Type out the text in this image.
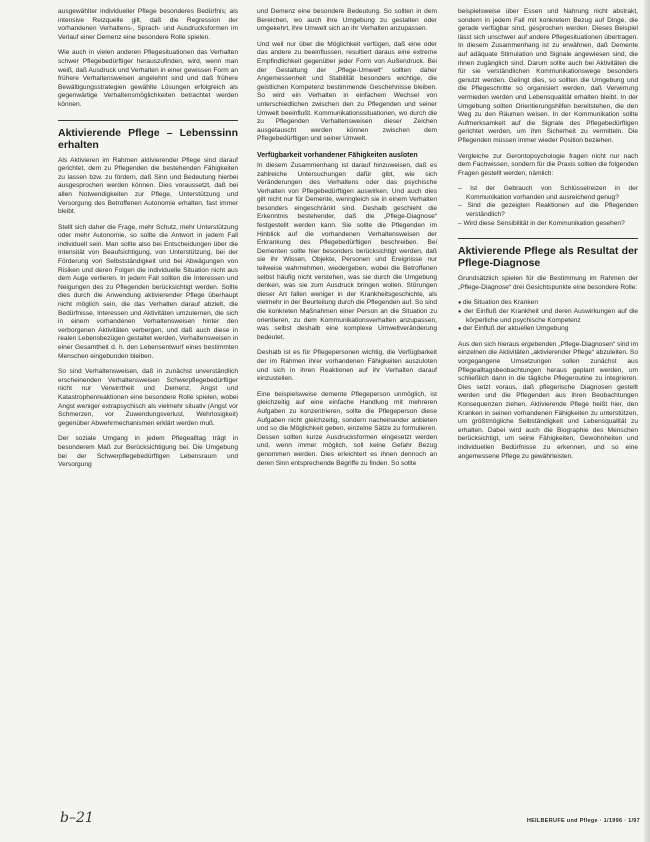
ausgewählter individueller Pflege besonderes Bedürfnis; als intensive Reizquelle gilt, daß die Regression der vorhandenen Verhaltens-, Sprach- und Ausdrucksformen im Verlauf einer Demenz eine besondere Rolle spielen.

Wie auch in vielen anderen Pflegesituationen das Verhalten schwer Pflegebedürftiger herauszufinden, wird, wenn man weiß, daß Ausdruck und Verhalten in einer gewissen Form an frühere Verhaltensweisen angelehnt sind und daß frühere Bewältigungsstrategien gewählte Lösungen erfolgreich als gegenwärtige Verhaltensmöglichkeiten betrachtet werden können.

Aktivierende Pflege – Lebenssinn erhalten

Als Aktivieren im Rahmen aktivierender Pflege sind darauf gerichtet, dem zu Pflegenden die bestehenden Fähigkeiten zu lassen bzw. zu fördern, daß Sinn und Bedeutung hierbei ausgesprochen werden können. Dies voraussetzt, daß bei allen Notwendigkeiten zur Pflege, Unterstützung und Versorgung des Betroffenen Autonomie erhalten, fast immer bleibt.

Stellt sich daher die Frage, mehr Schutz, mehr Unterstützung oder mehr Autonomie, so sollte die Antwort in jedem Fall individuell sein. Man sollte also bei Entscheidungen über die Intensität von Beaufsichtigung, von Unterstützung, bei der Förderung von Selbstständigkeit und bei Abwägungen von Risiken und deren Folgen die individuelle Situation nicht aus dem Auge verlieren. In jedem Fall sollten die Interessen und Neigungen des zu Pflegenden berücksichtigt werden. Sollte dies durch die Anwendung aktivierender Pflege überhaupt nicht möglich sein, die das Verhalten darauf abzielt, die Bedürfnisse, Interessen und Aktivitäten umzulernen, die sich in einem vorhandenen Verhaltensweisen hinter den verborgenen Aktivitäten verbergen, und daß auch diese in realen Lebensbezügen gestaltet werden, Verhaltensweisen in einer Gesamtheit d. h. den Lebensentwurf eines bestimmten Menschen eingebunden bleiben.

So sind Verhaltensweisen, daß in zunächst unverständlich erscheinenden Verhaltensweisen Schwerpflegebedürftiger nicht nur Verwirrtheit und Demenz, Angst und Katastrophenreaktionen eine besondere Rolle spielen, wobei Angst weniger extrapsychisch als vielmehr situativ (Angst vor Schmerzen, vor Zuwendungsverlust, Wehrlosigkeit) gegenüber Abwehrmechanismen erklärt werden muß.

Der soziale Umgang in jedem Pflegealltag trägt in besonderem Maß zur Berücksichtigung bei. Die Umgebung bei der Schwerpflegebedürftigen Lebensraum und Versorgung

und Demenz eine besondere Bedeutung. So sollten in dem Bereichen, wo auch ihre Umgebung zu gestalten oder umgekehrt, ihre Umwelt sich an ihr Verhalten anzupassen.

Und weil nur über die Möglichkeit verfügen, daß eine oder das andere zu beeinflussen, resultiert daraus eine extreme Empfindlichkeit gegenüber jeder Form von Außendruck. Bei der Gestaltung der „Pflege-Umwelt“ sollten daher Angemessenheit und Stabilität besonders wichtige, die geistlichen Kompetenz bestimmende Geschehnisse bleiben. So wird ein Verhalten in einfachem Wechsel von unterschiedlichen zwischen den zu Pflegenden und seiner Umwelt beeinflußt. Kommunikationssituationen, wo durch die zu Pflegenden Verhaltensweisen dieser Zeichen ausgetauscht werden können zwischen dem Pflegebedürftigen und seiner Umwelt.

Verfügbarkeit vorhandener Fähigkeiten ausloten

In diesem Zusammenhang ist darauf hinzuweisen, daß es zahlreiche Untersuchungen dafür gibt, wie sich Veränderungen des Verhaltens oder das psychische Verhalten von Pflegebedürftigen auswirken. Und auch dies gilt nicht nur für Demente, wenngleich sie in einem Verhalten besonders eingeschränkt sind. Deshalb geschieht die Erkenntnis bestehender, daß die „Pflege-Diagnose“ festgestellt werden kann. Sie sollte die Pflegenden im Hinblick auf die vorhandenen Verhaltensweisen der Erkrankung des Pflegebedürftigen beschreiben. Bei Dementen sollte hier besonders berücksichtigt werden, daß sie ihr Wissen, Objekte, Personen und Ereignisse nur teilweise wahrnehmen, wiedergeben, wobei die Betroffenen selbst häufig nicht verstehen, was sie durch die Umgebung denken, was sie zum Ausdruck bringen wollen. Störungen dieser Art fallen weniger in der Krankheitsgeschichte, als vielmehr in der Beurteilung durch die Pflegenden auf. So sind die konkreten Maßnahmen einer Person an die Situation zu orientieren, zu dem Kommunikationsverhalten anzupassen, was selbst deshalb eine komplexe Umweltveränderung bedeutet.

Deshalb ist es für Pflegepersonen wichtig, die Verfügbarkeit der im Rahmen ihrer vorhandenen Fähigkeiten auszuloten und sich in ihren Reaktionen auf ihr Verhalten darauf einzustellen.

Eine beispielsweise demente Pflegeperson unmöglich, ist gleichzeitig auf eine einfache Handlung mit mehreren Aufgaben zu konzentrieren, sollte die Pflegeperson diese Aufgaben nicht gleichzeitig, sondern nacheinander anbieten und so die Möglichkeit geben, einzelne Sätze zu formulieren. Dessen sollten kurze Ausdrucksformen eingesetzt werden und, wenn immer möglich, soll keine Gefahr Bezug genommen werden. Dies erleichtert es ihnen dennoch an deren Sinn entsprechende Begriffe zu finden. So sollte

beispielsweise über Essen und Nahrung nicht abstrakt, sondern in jedem Fall mit konkretem Bezug auf Dinge, die gerade verfügbar sind, gesprochen werden. Dieses Beispiel lässt sich unschwer auf andere Pflegesituationen übertragen. In diesem Zusammenhang ist zu erwähnen, daß Demente auf adäquate Stimulation und Signale angewiesen sind, die ihnen zugänglich sind. Darum sollte auch bei Aktivitäten die für sie verständlichen Kommunikationswege besonders genutzt werden. Gelingt dies, so sollten die Umgebung und die Pflegeschritte so organisiert werden, daß Verwirrung vermieden werden und Lebensqualität erhalten bleibt. In der Umgebung sollten Orientierungshilfen bereitstehen, die den Weg zu den Räumen weisen. In der Kommunikation sollte Aufmerksamkeit auf die Signale des Pflegebedürftigen gerichtet werden, um ihm Sicherheit zu vermitteln. Die Pflegenden müssen immer wieder Position beziehen.

Vergleiche zur Gerontopsychologie fragen nicht nur nach dem Fachwissen, sondern für die Praxis sollten die folgenden Fragen gestellt werden, nämlich:

– Ist der Gebrauch von Schlüsselreizen in der Kommunikation vorhanden und ausreichend genug?
– Sind die gezeigten Reaktionen auf die Pflegenden verständlich?
– Wird diese Sensibilität in der Kommunikation gesehen?
Aktivierende Pflege als Resultat der Pflege-Diagnose

Grundsätzlich spielen für die Bestimmung im Rahmen der „Pflege-Diagnose“ drei Gesichtspunkte eine besondere Rolle:

● die Situation des Kranken
● der Einfluß der Krankheit und deren Auswirkungen auf die körperliche und psychische Kompetenz
● der Einfluß der aktuellen Umgebung

Aus den sich hieraus ergebenden „Pflege-Diagnosen“ sind im einzelnen die Aktivitäten „aktivierender Pflege“ abzuleiten. So vorgegangene Umsetzungen sollen zunächst aus Pflegealltagsbeobachtungen heraus geplant werden, um schließlich dann in die tägliche Pflegeroutine zu integrieren. Dies setzt voraus, daß pflegerische Diagnosen gestellt werden und die Pflegenden aus ihren Beobachtungen Konsequenzen ziehen. Aktivierende Pflege heißt hier, den Kranken in seinen vorhandenen Fähigkeiten zu unterstützen, um größtmögliche Selbständigkeit und Lebensqualität zu erhalten. Dabei wird auch die Biographie des Menschen berücksichtigt, um seine Fähigkeiten, Gewohnheiten und individuellen Bedürfnisse zu erkennen, und so eine angemessene Pflege zu gewährleisten.

b–21	HEILBERUFE und Pflege · 1/1996 · 1/97
